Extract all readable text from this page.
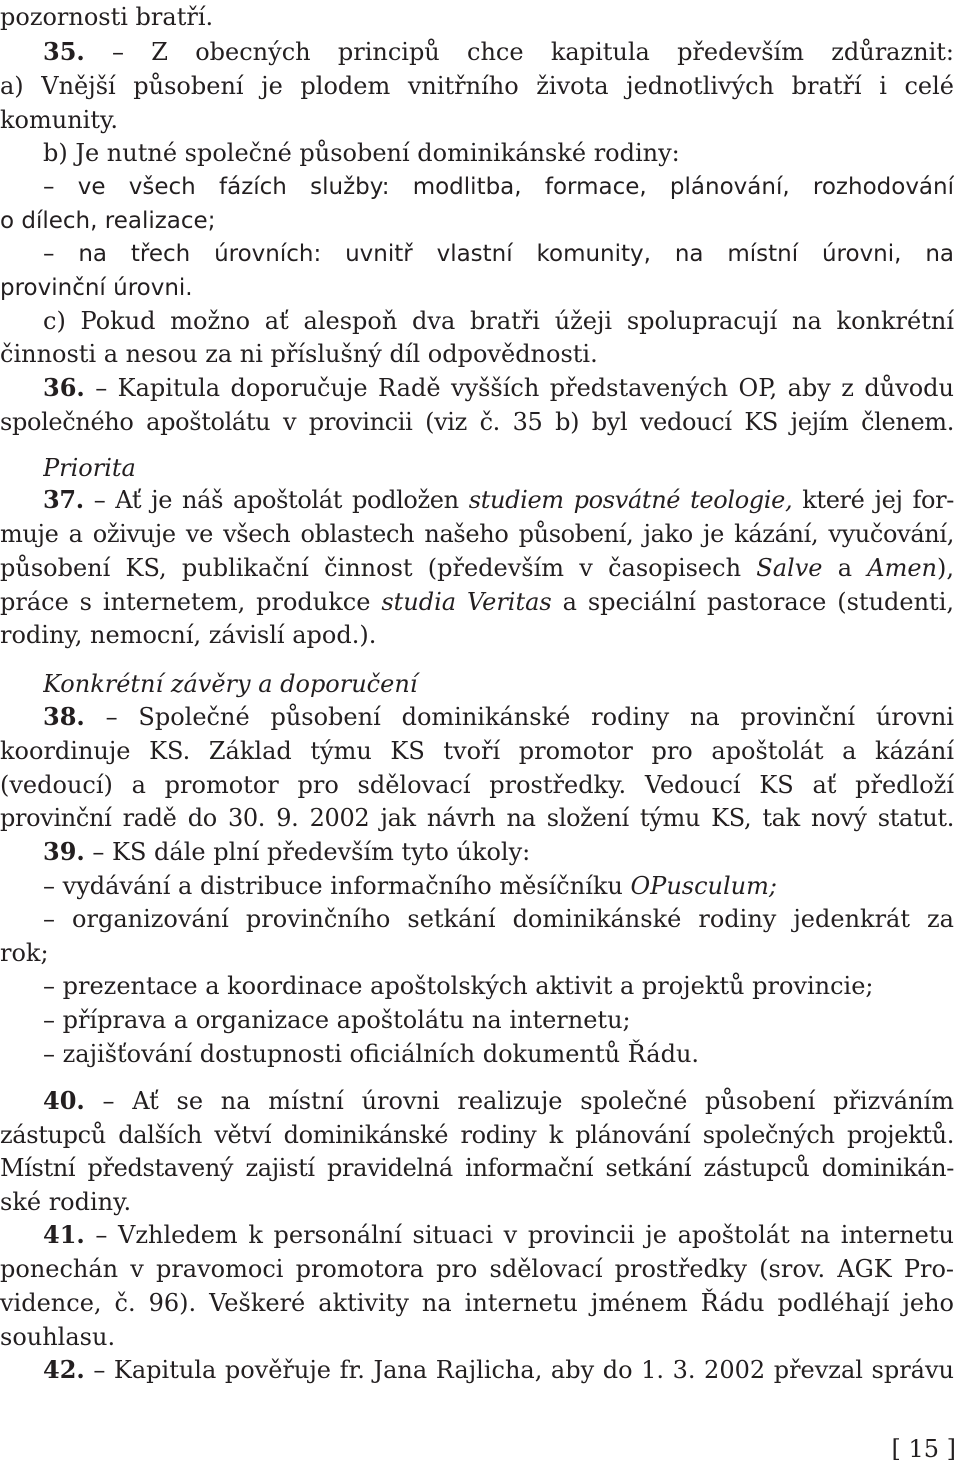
pozornosti bratří.
35. – Z obecných principů chce kapitula především zdůraznit:
a) Vnější působení je plodem vnitřního života jednotlivých bratří i celé
komunity.
b) Je nutné společné působení dominikánské rodiny:
– ve všech fázích služby: modlitba, formace, plánování, rozhodování
o dílech, realizace;
– na třech úrovních: uvnitř vlastní komunity, na místní úrovni, na
provinční úrovni.
c) Pokud možno ať alespoň dva bratři úžeji spolupracují na konkrétní
činnosti a nesou za ni příslušný díl odpovědnosti.
36. – Kapitula doporučuje Radě vyšších představených OP, aby z důvodu
společného apoštolátu v provincii (viz č. 35 b) byl vedoucí KS jejím členem.
Priorita
37. – Ať je náš apoštolát podložen studiem posvátné teologie, které jej for-
muje a oživuje ve všech oblastech našeho působení, jako je kázání, vyučování,
působení KS, publikační činnost (především v časopisech Salve a Amen),
práce s internetem, produkce studia Veritas a speciální pastorace (studenti,
rodiny, nemocní, závislí apod.).
Konkrétní závěry a doporučení
38. – Společné působení dominikánské rodiny na provinční úrovni
koordinuje KS. Základ týmu KS tvoří promotor pro apoštolát a kázání
(vedoucí) a promotor pro sdělovací prostředky. Vedoucí KS ať předloží
provinční radě do 30. 9. 2002 jak návrh na složení týmu KS, tak nový statut.
39. – KS dále plní především tyto úkoly:
– vydávání a distribuce informačního měsíčníku OPusculum;
– organizování provinčního setkání dominikánské rodiny jedenkrát za
rok;
– prezentace a koordinace apoštolských aktivit a projektů provincie;
– příprava a organizace apoštolátu na internetu;
– zajišťování dostupnosti oficiálních dokumentů Řádu.
40. – Ať se na místní úrovni realizuje společné působení přizváním
zástupců dalších větví dominikánské rodiny k plánování společných projektů.
Místní představený zajistí pravidelná informační setkání zástupců dominikán-
ské rodiny.
41. – Vzhledem k personální situaci v provincii je apoštolát na internetu
ponechán v pravomoci promotora pro sdělovací prostředky (srov. AGK Pro-
vidence, č. 96). Veškeré aktivity na internetu jménem Řádu podléhají jeho
souhlasu.
42. – Kapitula pověřuje fr. Jana Rajlicha, aby do 1. 3. 2002 převzal správu
[ 15 ]
